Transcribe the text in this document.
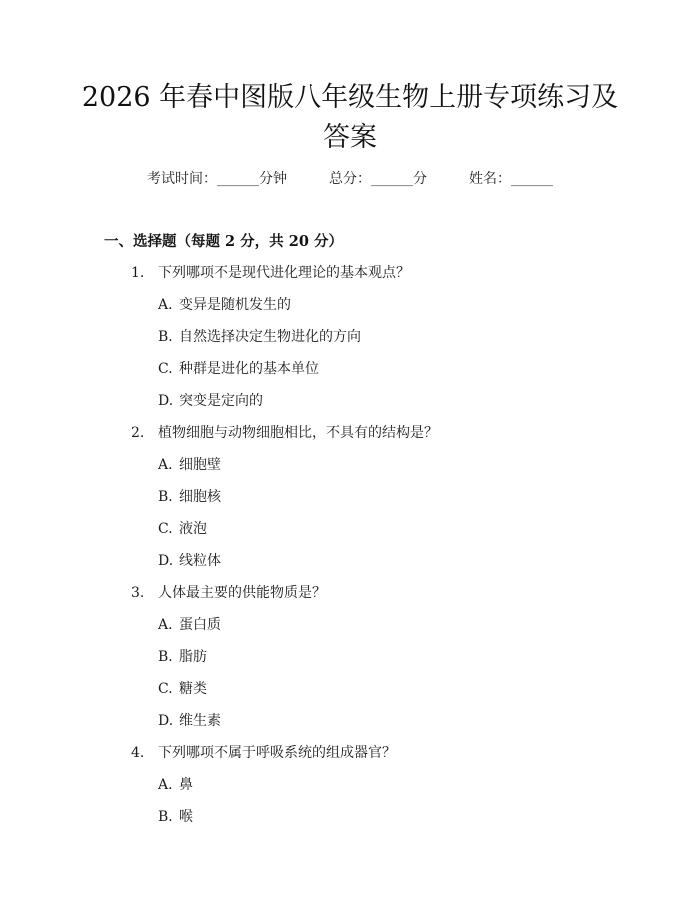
2026 年春中图版八年级生物上册专项练习及
答案
考试时间：______分钟	总分：______分	姓名：______
一、选择题（每题 2 分，共 20 分）
1. 下列哪项不是现代进化理论的基本观点？
A. 变异是随机发生的
B. 自然选择决定生物进化的方向
C. 种群是进化的基本单位
D. 突变是定向的
2. 植物细胞与动物细胞相比，不具有的结构是？
A. 细胞壁
B. 细胞核
C. 液泡
D. 线粒体
3. 人体最主要的供能物质是？
A. 蛋白质
B. 脂肪
C. 糖类
D. 维生素
4. 下列哪项不属于呼吸系统的组成器官？
A. 鼻
B. 喉
